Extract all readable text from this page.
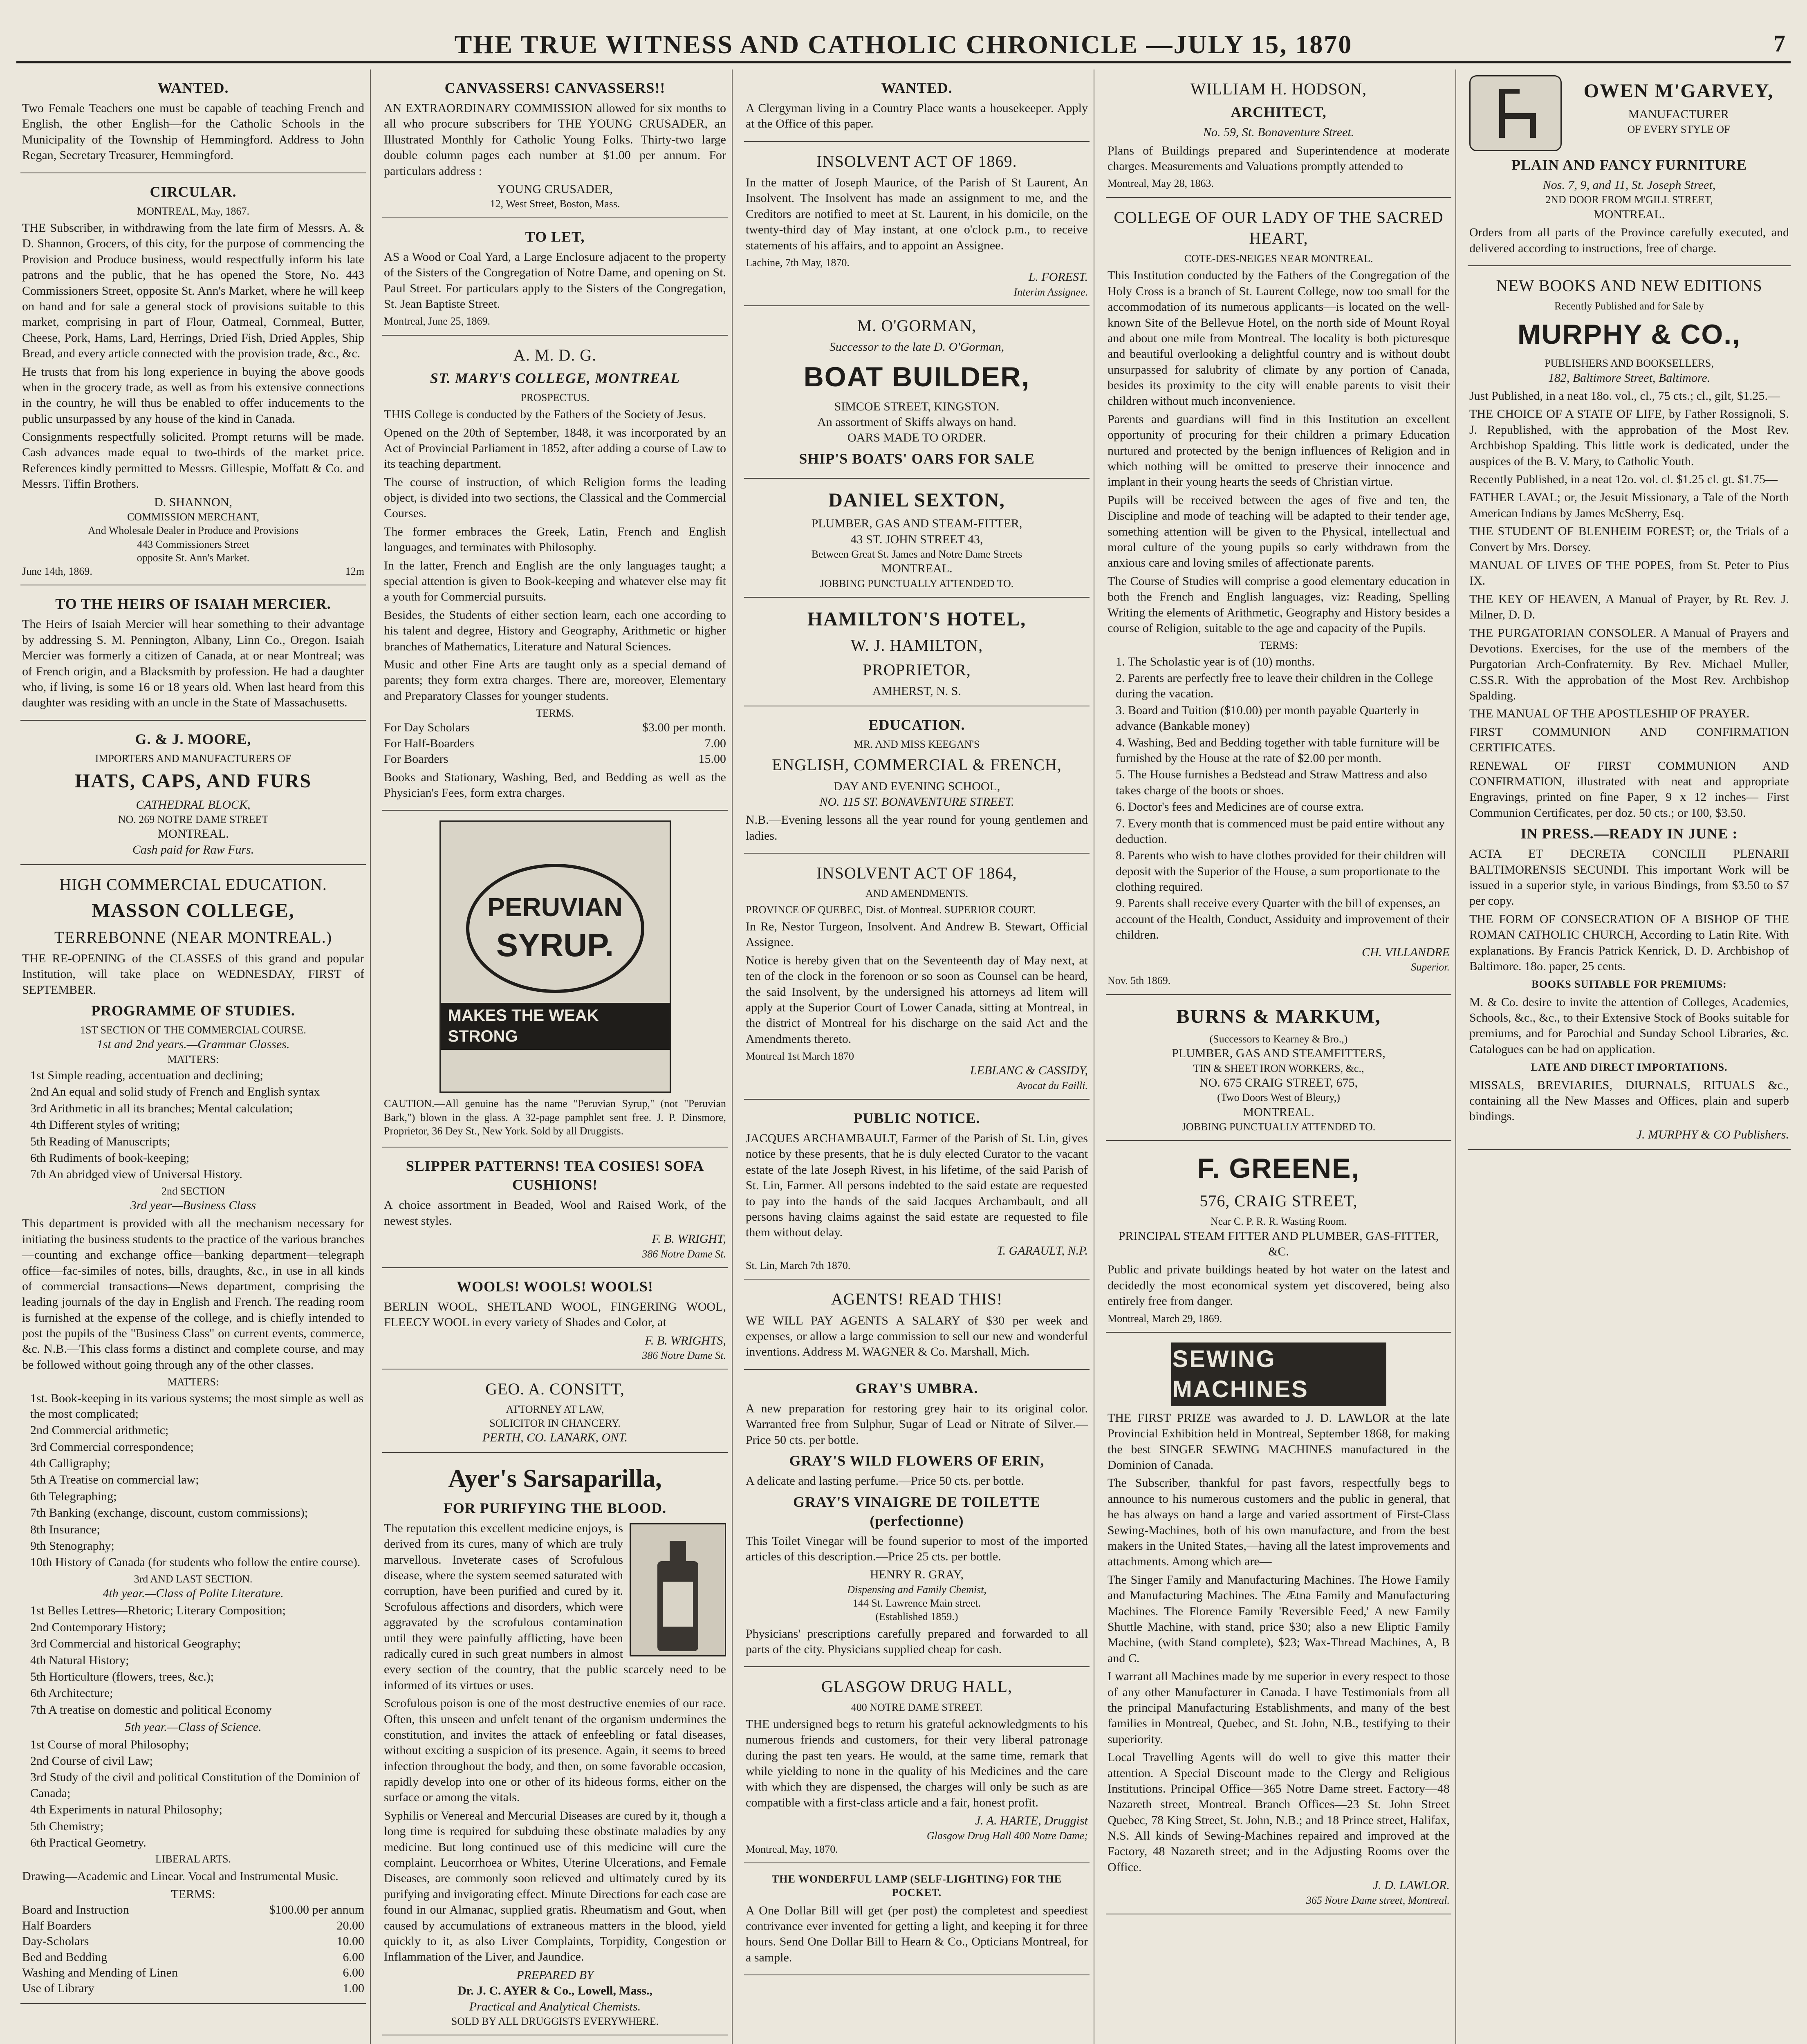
THE TRUE WITNESS AND CATHOLIC CHRONICLE —JULY 15, 1870	7
WANTED.

Two Female Teachers one must be capable of teaching French and English, the other English—for the Catholic Schools in the Municipality of the Township of Hemmingford. Address to John Regan, Secretary Treasurer, Hemmingford.

CIRCULAR.
MONTREAL, May, 1867.

THE Subscriber, in withdrawing from the late firm of Messrs. A. & D. Shannon, Grocers, of this city, for the purpose of commencing the Provision and Produce business, would respectfully inform his late patrons and the public, that he has opened the Store, No. 443 Commissioners Street, opposite St. Ann's Market, where he will keep on hand and for sale a general stock of provisions suitable to this market, comprising in part of Flour, Oatmeal, Cornmeal, Butter, Cheese, Pork, Hams, Lard, Herrings, Dried Fish, Dried Apples, Ship Bread, and every article connected with the provision trade, &c., &c.

He trusts that from his long experience in buying the above goods when in the grocery trade, as well as from his extensive connections in the country, he will thus be enabled to offer inducements to the public unsurpassed by any house of the kind in Canada.

Consignments respectfully solicited. Prompt returns will be made. Cash advances made equal to two-thirds of the market price. References kindly permitted to Messrs. Gillespie, Moffatt & Co. and Messrs. Tiffin Brothers.

D. SHANNON,
COMMISSION MERCHANT,
And Wholesale Dealer in Produce and Provisions
443 Commissioners Street
opposite St. Ann's Market.
June 14th, 1869.	12m
TO THE HEIRS OF ISAIAH MERCIER.

The Heirs of Isaiah Mercier will hear something to their advantage by addressing S. M. Pennington, Albany, Linn Co., Oregon. Isaiah Mercier was formerly a citizen of Canada, at or near Montreal; was of French origin, and a Blacksmith by profession. He had a daughter who, if living, is some 16 or 18 years old. When last heard from this daughter was residing with an uncle in the State of Massachusetts.

G. & J. MOORE,
IMPORTERS AND MANUFACTURERS OF
HATS, CAPS, AND FURS
CATHEDRAL BLOCK,
NO. 269 NOTRE DAME STREET
MONTREAL.
Cash paid for Raw Furs.
HIGH COMMERCIAL EDUCATION.
MASSON COLLEGE,
TERREBONNE (NEAR MONTREAL.)

THE RE-OPENING of the CLASSES of this grand and popular Institution, will take place on WEDNESDAY, FIRST of SEPTEMBER.

PROGRAMME OF STUDIES.
1ST SECTION OF THE COMMERCIAL COURSE.
1st and 2nd years.—Grammar Classes.
MATTERS:
1st Simple reading, accentuation and declining;
2nd An equal and solid study of French and English syntax
3rd Arithmetic in all its branches; Mental calculation;
4th Different styles of writing;
5th Reading of Manuscripts;
6th Rudiments of book-keeping;
7th An abridged view of Universal History.
2nd SECTION
3rd year—Business Class

This department is provided with all the mechanism necessary for initiating the business students to the practice of the various branches—counting and exchange office—banking department—telegraph office—fac-similes of notes, bills, draughts, &c., in use in all kinds of commercial transactions—News department, comprising the leading journals of the day in English and French. The reading room is furnished at the expense of the college, and is chiefly intended to post the pupils of the "Business Class" on current events, commerce, &c. N.B.—This class forms a distinct and complete course, and may be followed without going through any of the other classes.

MATTERS:
1st. Book-keeping in its various systems; the most simple as well as the most complicated;
2nd Commercial arithmetic;
3rd Commercial correspondence;
4th Calligraphy;
5th A Treatise on commercial law;
6th Telegraphing;
7th Banking (exchange, discount, custom commissions);
8th Insurance;
9th Stenography;
10th History of Canada (for students who follow the entire course).
3rd AND LAST SECTION.
4th year.—Class of Polite Literature.
1st Belles Lettres—Rhetoric; Literary Composition;
2nd Contemporary History;
3rd Commercial and historical Geography;
4th Natural History;
5th Horticulture (flowers, trees, &c.);
6th Architecture;
7th A treatise on domestic and political Economy
5th year.—Class of Science.
1st Course of moral Philosophy;
2nd Course of civil Law;
3rd Study of the civil and political Constitution of the Dominion of Canada;
4th Experiments in natural Philosophy;
5th Chemistry;
6th Practical Geometry.
LIBERAL ARTS.

Drawing—Academic and Linear. Vocal and Instrumental Music.

TERMS:
Board and Instruction	$100.00 per annum
Half Boarders	20.00
Day-Scholars	10.00
Bed and Bedding	6.00
Washing and Mending of Linen	6.00
Use of Library	1.00
CANVASSERS! CANVASSERS!!

AN EXTRAORDINARY COMMISSION allowed for six months to all who procure subscribers for THE YOUNG CRUSADER, an Illustrated Monthly for Catholic Young Folks. Thirty-two large double column pages each number at $1.00 per annum. For particulars address :

YOUNG CRUSADER,
12, West Street, Boston, Mass.
TO LET,

AS a Wood or Coal Yard, a Large Enclosure adjacent to the property of the Sisters of the Congregation of Notre Dame, and opening on St. Paul Street. For particulars apply to the Sisters of the Congregation, St. Jean Baptiste Street.

Montreal, June 25, 1869.
A. M. D. G.
ST. MARY'S COLLEGE, MONTREAL
PROSPECTUS.

THIS College is conducted by the Fathers of the Society of Jesus.

Opened on the 20th of September, 1848, it was incorporated by an Act of Provincial Parliament in 1852, after adding a course of Law to its teaching department.

The course of instruction, of which Religion forms the leading object, is divided into two sections, the Classical and the Commercial Courses.

The former embraces the Greek, Latin, French and English languages, and terminates with Philosophy.

In the latter, French and English are the only languages taught; a special attention is given to Book-keeping and whatever else may fit a youth for Commercial pursuits.

Besides, the Students of either section learn, each one according to his talent and degree, History and Geography, Arithmetic or higher branches of Mathematics, Literature and Natural Sciences.

Music and other Fine Arts are taught only as a special demand of parents; they form extra charges. There are, moreover, Elementary and Preparatory Classes for younger students.

TERMS.
For Day Scholars	$3.00 per month.
For Half-Boarders	7.00
For Boarders	15.00

Books and Stationary, Washing, Bed, and Bedding as well as the Physician's Fees, form extra charges.

PERUVIAN
SYRUP.
MAKES THE WEAK STRONG

CAUTION.—All genuine has the name "Peruvian Syrup," (not "Peruvian Bark,") blown in the glass. A 32-page pamphlet sent free. J. P. Dinsmore, Proprietor, 36 Dey St., New York. Sold by all Druggists.

SLIPPER PATTERNS! TEA COSIES! SOFA CUSHIONS!

A choice assortment in Beaded, Wool and Raised Work, of the newest styles.

F. B. WRIGHT,
386 Notre Dame St.
WOOLS! WOOLS! WOOLS!

BERLIN WOOL, SHETLAND WOOL, FINGERING WOOL, FLEECY WOOL in every variety of Shades and Color, at

F. B. WRIGHTS,
386 Notre Dame St.
GEO. A. CONSITT,
ATTORNEY AT LAW,
SOLICITOR IN CHANCERY.
PERTH, CO. LANARK, ONT.
Ayer's Sarsaparilla,
FOR PURIFYING THE BLOOD.

The reputation this excellent medicine enjoys, is derived from its cures, many of which are truly marvellous. Inveterate cases of Scrofulous disease, where the system seemed saturated with corruption, have been purified and cured by it. Scrofulous affections and disorders, which were aggravated by the scrofulous contamination until they were painfully afflicting, have been radically cured in such great numbers in almost every section of the country, that the public scarcely need to be informed of its virtues or uses.

Scrofulous poison is one of the most destructive enemies of our race. Often, this unseen and unfelt tenant of the organism undermines the constitution, and invites the attack of enfeebling or fatal diseases, without exciting a suspicion of its presence. Again, it seems to breed infection throughout the body, and then, on some favorable occasion, rapidly develop into one or other of its hideous forms, either on the surface or among the vitals.

Syphilis or Venereal and Mercurial Diseases are cured by it, though a long time is required for subduing these obstinate maladies by any medicine. But long continued use of this medicine will cure the complaint. Leucorrhoea or Whites, Uterine Ulcerations, and Female Diseases, are commonly soon relieved and ultimately cured by its purifying and invigorating effect. Minute Directions for each case are found in our Almanac, supplied gratis. Rheumatism and Gout, when caused by accumulations of extraneous matters in the blood, yield quickly to it, as also Liver Complaints, Torpidity, Congestion or Inflammation of the Liver, and Jaundice.

PREPARED BY
Dr. J. C. AYER & Co., Lowell, Mass.,
Practical and Analytical Chemists.
SOLD BY ALL DRUGGISTS EVERYWHERE.
WANTED.

A Clergyman living in a Country Place wants a housekeeper. Apply at the Office of this paper.

INSOLVENT ACT OF 1869.

In the matter of Joseph Maurice, of the Parish of St Laurent, An Insolvent. The Insolvent has made an assignment to me, and the Creditors are notified to meet at St. Laurent, in his domicile, on the twenty-third day of May instant, at one o'clock p.m., to receive statements of his affairs, and to appoint an Assignee.

Lachine, 7th May, 1870.
L. FOREST.
Interim Assignee.
M. O'GORMAN,
Successor to the late D. O'Gorman,
BOAT BUILDER,
SIMCOE STREET, KINGSTON.
An assortment of Skiffs always on hand.
OARS MADE TO ORDER.
SHIP'S BOATS' OARS FOR SALE
DANIEL SEXTON,
PLUMBER, GAS AND STEAM-FITTER,
43 ST. JOHN STREET 43,
Between Great St. James and Notre Dame Streets
MONTREAL.
JOBBING PUNCTUALLY ATTENDED TO.
HAMILTON'S HOTEL,
W. J. HAMILTON,
PROPRIETOR,
AMHERST, N. S.
EDUCATION.
MR. AND MISS KEEGAN'S
ENGLISH, COMMERCIAL & FRENCH,
DAY AND EVENING SCHOOL,
NO. 115 ST. BONAVENTURE STREET.

N.B.—Evening lessons all the year round for young gentlemen and ladies.

INSOLVENT ACT OF 1864,
AND AMENDMENTS.

PROVINCE OF QUEBEC, Dist. of Montreal. SUPERIOR COURT.

In Re, Nestor Turgeon, Insolvent. And Andrew B. Stewart, Official Assignee.

Notice is hereby given that on the Seventeenth day of May next, at ten of the clock in the forenoon or so soon as Counsel can be heard, the said Insolvent, by the undersigned his attorneys ad litem will apply at the Superior Court of Lower Canada, sitting at Montreal, in the district of Montreal for his discharge on the said Act and the Amendments thereto.

Montreal 1st March 1870
LEBLANC & CASSIDY,
Avocat du Failli.
PUBLIC NOTICE.

JACQUES ARCHAMBAULT, Farmer of the Parish of St. Lin, gives notice by these presents, that he is duly elected Curator to the vacant estate of the late Joseph Rivest, in his lifetime, of the said Parish of St. Lin, Farmer. All persons indebted to the said estate are requested to pay into the hands of the said Jacques Archambault, and all persons having claims against the said estate are requested to file them without delay.

T. GARAULT, N.P.
St. Lin, March 7th 1870.
AGENTS! READ THIS!

WE WILL PAY AGENTS A SALARY of $30 per week and expenses, or allow a large commission to sell our new and wonderful inventions. Address M. WAGNER & Co. Marshall, Mich.

GRAY'S UMBRA.

A new preparation for restoring grey hair to its original color. Warranted free from Sulphur, Sugar of Lead or Nitrate of Silver.—Price 50 cts. per bottle.

GRAY'S WILD FLOWERS OF ERIN,

A delicate and lasting perfume.—Price 50 cts. per bottle.

GRAY'S VINAIGRE DE TOILETTE (perfectionne)

This Toilet Vinegar will be found superior to most of the imported articles of this description.—Price 25 cts. per bottle.

HENRY R. GRAY,
Dispensing and Family Chemist,
144 St. Lawrence Main street.
(Established 1859.)

Physicians' prescriptions carefully prepared and forwarded to all parts of the city. Physicians supplied cheap for cash.

GLASGOW DRUG HALL,
400 NOTRE DAME STREET.

THE undersigned begs to return his grateful acknowledgments to his numerous friends and customers, for their very liberal patronage during the past ten years. He would, at the same time, remark that while yielding to none in the quality of his Medicines and the care with which they are dispensed, the charges will only be such as are compatible with a first-class article and a fair, honest profit.

J. A. HARTE, Druggist
Glasgow Drug Hall 400 Notre Dame;
Montreal, May, 1870.
THE WONDERFUL LAMP (SELF-LIGHTING) FOR THE POCKET.

A One Dollar Bill will get (per post) the completest and speediest contrivance ever invented for getting a light, and keeping it for three hours. Send One Dollar Bill to Hearn & Co., Opticians Montreal, for a sample.

WILLIAM H. HODSON,
ARCHITECT,
No. 59, St. Bonaventure Street.

Plans of Buildings prepared and Superintendence at moderate charges. Measurements and Valuations promptly attended to

Montreal, May 28, 1863.
COLLEGE OF OUR LADY OF THE SACRED HEART,
COTE-DES-NEIGES NEAR MONTREAL.

This Institution conducted by the Fathers of the Congregation of the Holy Cross is a branch of St. Laurent College, now too small for the accommodation of its numerous applicants—is located on the well-known Site of the Bellevue Hotel, on the north side of Mount Royal and about one mile from Montreal. The locality is both picturesque and beautiful overlooking a delightful country and is without doubt unsurpassed for salubrity of climate by any portion of Canada, besides its proximity to the city will enable parents to visit their children without much inconvenience.

Parents and guardians will find in this Institution an excellent opportunity of procuring for their children a primary Education nurtured and protected by the benign influences of Religion and in which nothing will be omitted to preserve their innocence and implant in their young hearts the seeds of Christian virtue.

Pupils will be received between the ages of five and ten, the Discipline and mode of teaching will be adapted to their tender age, something attention will be given to the Physical, intellectual and moral culture of the young pupils so early withdrawn from the anxious care and loving smiles of affectionate parents.

The Course of Studies will comprise a good elementary education in both the French and English languages, viz: Reading, Spelling Writing the elements of Arithmetic, Geography and History besides a course of Religion, suitable to the age and capacity of the Pupils.

TERMS:
1. The Scholastic year is of (10) months.
2. Parents are perfectly free to leave their children in the College during the vacation.
3. Board and Tuition ($10.00) per month payable Quarterly in advance (Bankable money)
4. Washing, Bed and Bedding together with table furniture will be furnished by the House at the rate of $2.00 per month.
5. The House furnishes a Bedstead and Straw Mattress and also takes charge of the boots or shoes.
6. Doctor's fees and Medicines are of course extra.
7. Every month that is commenced must be paid entire without any deduction.
8. Parents who wish to have clothes provided for their children will deposit with the Superior of the House, a sum proportionate to the clothing required.
9. Parents shall receive every Quarter with the bill of expenses, an account of the Health, Conduct, Assiduity and improvement of their children.
CH. VILLANDRE
Superior.
Nov. 5th 1869.
BURNS & MARKUM,
(Successors to Kearney & Bro.,)
PLUMBER, GAS AND STEAMFITTERS,
TIN & SHEET IRON WORKERS, &c.,
NO. 675 CRAIG STREET, 675,
(Two Doors West of Bleury,)
MONTREAL.
JOBBING PUNCTUALLY ATTENDED TO.
F. GREENE,
576, CRAIG STREET,
Near C. P. R. R. Wasting Room.
PRINCIPAL STEAM FITTER AND PLUMBER, GAS-FITTER, &C.

Public and private buildings heated by hot water on the latest and decidedly the most economical system yet discovered, being also entirely free from danger.

Montreal, March 29, 1869.
SEWING MACHINES

THE FIRST PRIZE was awarded to J. D. LAWLOR at the late Provincial Exhibition held in Montreal, September 1868, for making the best SINGER SEWING MACHINES manufactured in the Dominion of Canada.

The Subscriber, thankful for past favors, respectfully begs to announce to his numerous customers and the public in general, that he has always on hand a large and varied assortment of First-Class Sewing-Machines, both of his own manufacture, and from the best makers in the United States,—having all the latest improvements and attachments. Among which are—

The Singer Family and Manufacturing Machines. The Howe Family and Manufacturing Machines. The Ætna Family and Manufacturing Machines. The Florence Family 'Reversible Feed,' A new Family Shuttle Machine, with stand, price $30; also a new Eliptic Family Machine, (with Stand complete), $23; Wax-Thread Machines, A, B and C.

I warrant all Machines made by me superior in every respect to those of any other Manufacturer in Canada. I have Testimonials from all the principal Manufacturing Establishments, and many of the best families in Montreal, Quebec, and St. John, N.B., testifying to their superiority.

Local Travelling Agents will do well to give this matter their attention. A Special Discount made to the Clergy and Religious Institutions. Principal Office—365 Notre Dame street. Factory—48 Nazareth street, Montreal. Branch Offices—23 St. John Street Quebec, 78 King Street, St. John, N.B.; and 18 Prince street, Halifax, N.S. All kinds of Sewing-Machines repaired and improved at the Factory, 48 Nazareth street; and in the Adjusting Rooms over the Office.

J. D. LAWLOR.
365 Notre Dame street, Montreal.
OWEN M'GARVEY,
MANUFACTURER
OF EVERY STYLE OF
PLAIN AND FANCY FURNITURE
Nos. 7, 9, and 11, St. Joseph Street,
2ND DOOR FROM M'GILL STREET,
MONTREAL.

Orders from all parts of the Province carefully executed, and delivered according to instructions, free of charge.

NEW BOOKS AND NEW EDITIONS
Recently Published and for Sale by
MURPHY & CO.,
PUBLISHERS AND BOOKSELLERS,
182, Baltimore Street, Baltimore.

Just Published, in a neat 18o. vol., cl., 75 cts.; cl., gilt, $1.25.—

THE CHOICE OF A STATE OF LIFE, by Father Rossignoli, S. J. Republished, with the approbation of the Most Rev. Archbishop Spalding. This little work is dedicated, under the auspices of the B. V. Mary, to Catholic Youth.

Recently Published, in a neat 12o. vol. cl. $1.25 cl. gt. $1.75—

FATHER LAVAL; or, the Jesuit Missionary, a Tale of the North American Indians by James McSherry, Esq.

THE STUDENT OF BLENHEIM FOREST; or, the Trials of a Convert by Mrs. Dorsey.

MANUAL OF LIVES OF THE POPES, from St. Peter to Pius IX.

THE KEY OF HEAVEN, A Manual of Prayer, by Rt. Rev. J. Milner, D. D.

THE PURGATORIAN CONSOLER. A Manual of Prayers and Devotions. Exercises, for the use of the members of the Purgatorian Arch-Confraternity. By Rev. Michael Muller, C.SS.R. With the approbation of the Most Rev. Archbishop Spalding.

THE MANUAL OF THE APOSTLESHIP OF PRAYER.

FIRST COMMUNION AND CONFIRMATION CERTIFICATES.

RENEWAL OF FIRST COMMUNION AND CONFIRMATION, illustrated with neat and appropriate Engravings, printed on fine Paper, 9 x 12 inches— First Communion Certificates, per doz. 50 cts.; or 100, $3.50.

IN PRESS.—READY IN JUNE :

ACTA ET DECRETA CONCILII PLENARII BALTIMORENSIS SECUNDI. This important Work will be issued in a superior style, in various Bindings, from $3.50 to $7 per copy.

THE FORM OF CONSECRATION OF A BISHOP OF THE ROMAN CATHOLIC CHURCH, According to Latin Rite. With explanations. By Francis Patrick Kenrick, D. D. Archbishop of Baltimore. 18o. paper, 25 cents.

BOOKS SUITABLE FOR PREMIUMS:

M. & Co. desire to invite the attention of Colleges, Academies, Schools, &c., &c., to their Extensive Stock of Books suitable for premiums, and for Parochial and Sunday School Libraries, &c. Catalogues can be had on application.

LATE AND DIRECT IMPORTATIONS.

MISSALS, BREVIARIES, DIURNALS, RITUALS &c., containing all the New Masses and Offices, plain and superb bindings.

J. MURPHY & CO Publishers.
